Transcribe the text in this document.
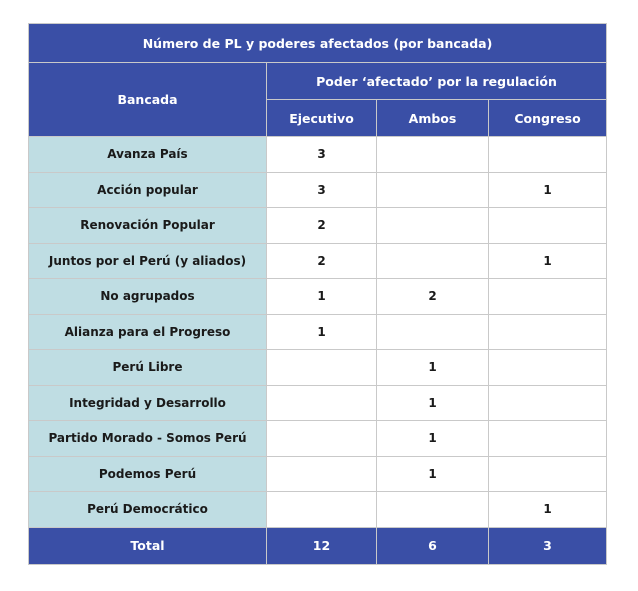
Número de PL y poderes afectados (por bancada)			
Bancada	Poder ‘afectado’ por la regulación		
	Ejecutivo	Ambos	Congreso
Avanza País	3		
Acción popular	3		1
Renovación Popular	2		
Juntos por el Perú (y aliados)	2		1
No agrupados	1	2	
Alianza para el Progreso	1		
Perú Libre		1	
Integridad y Desarrollo		1	
Partido Morado - Somos Perú		1	
Podemos Perú		1	
Perú Democrático			1
Total	12	6	3
